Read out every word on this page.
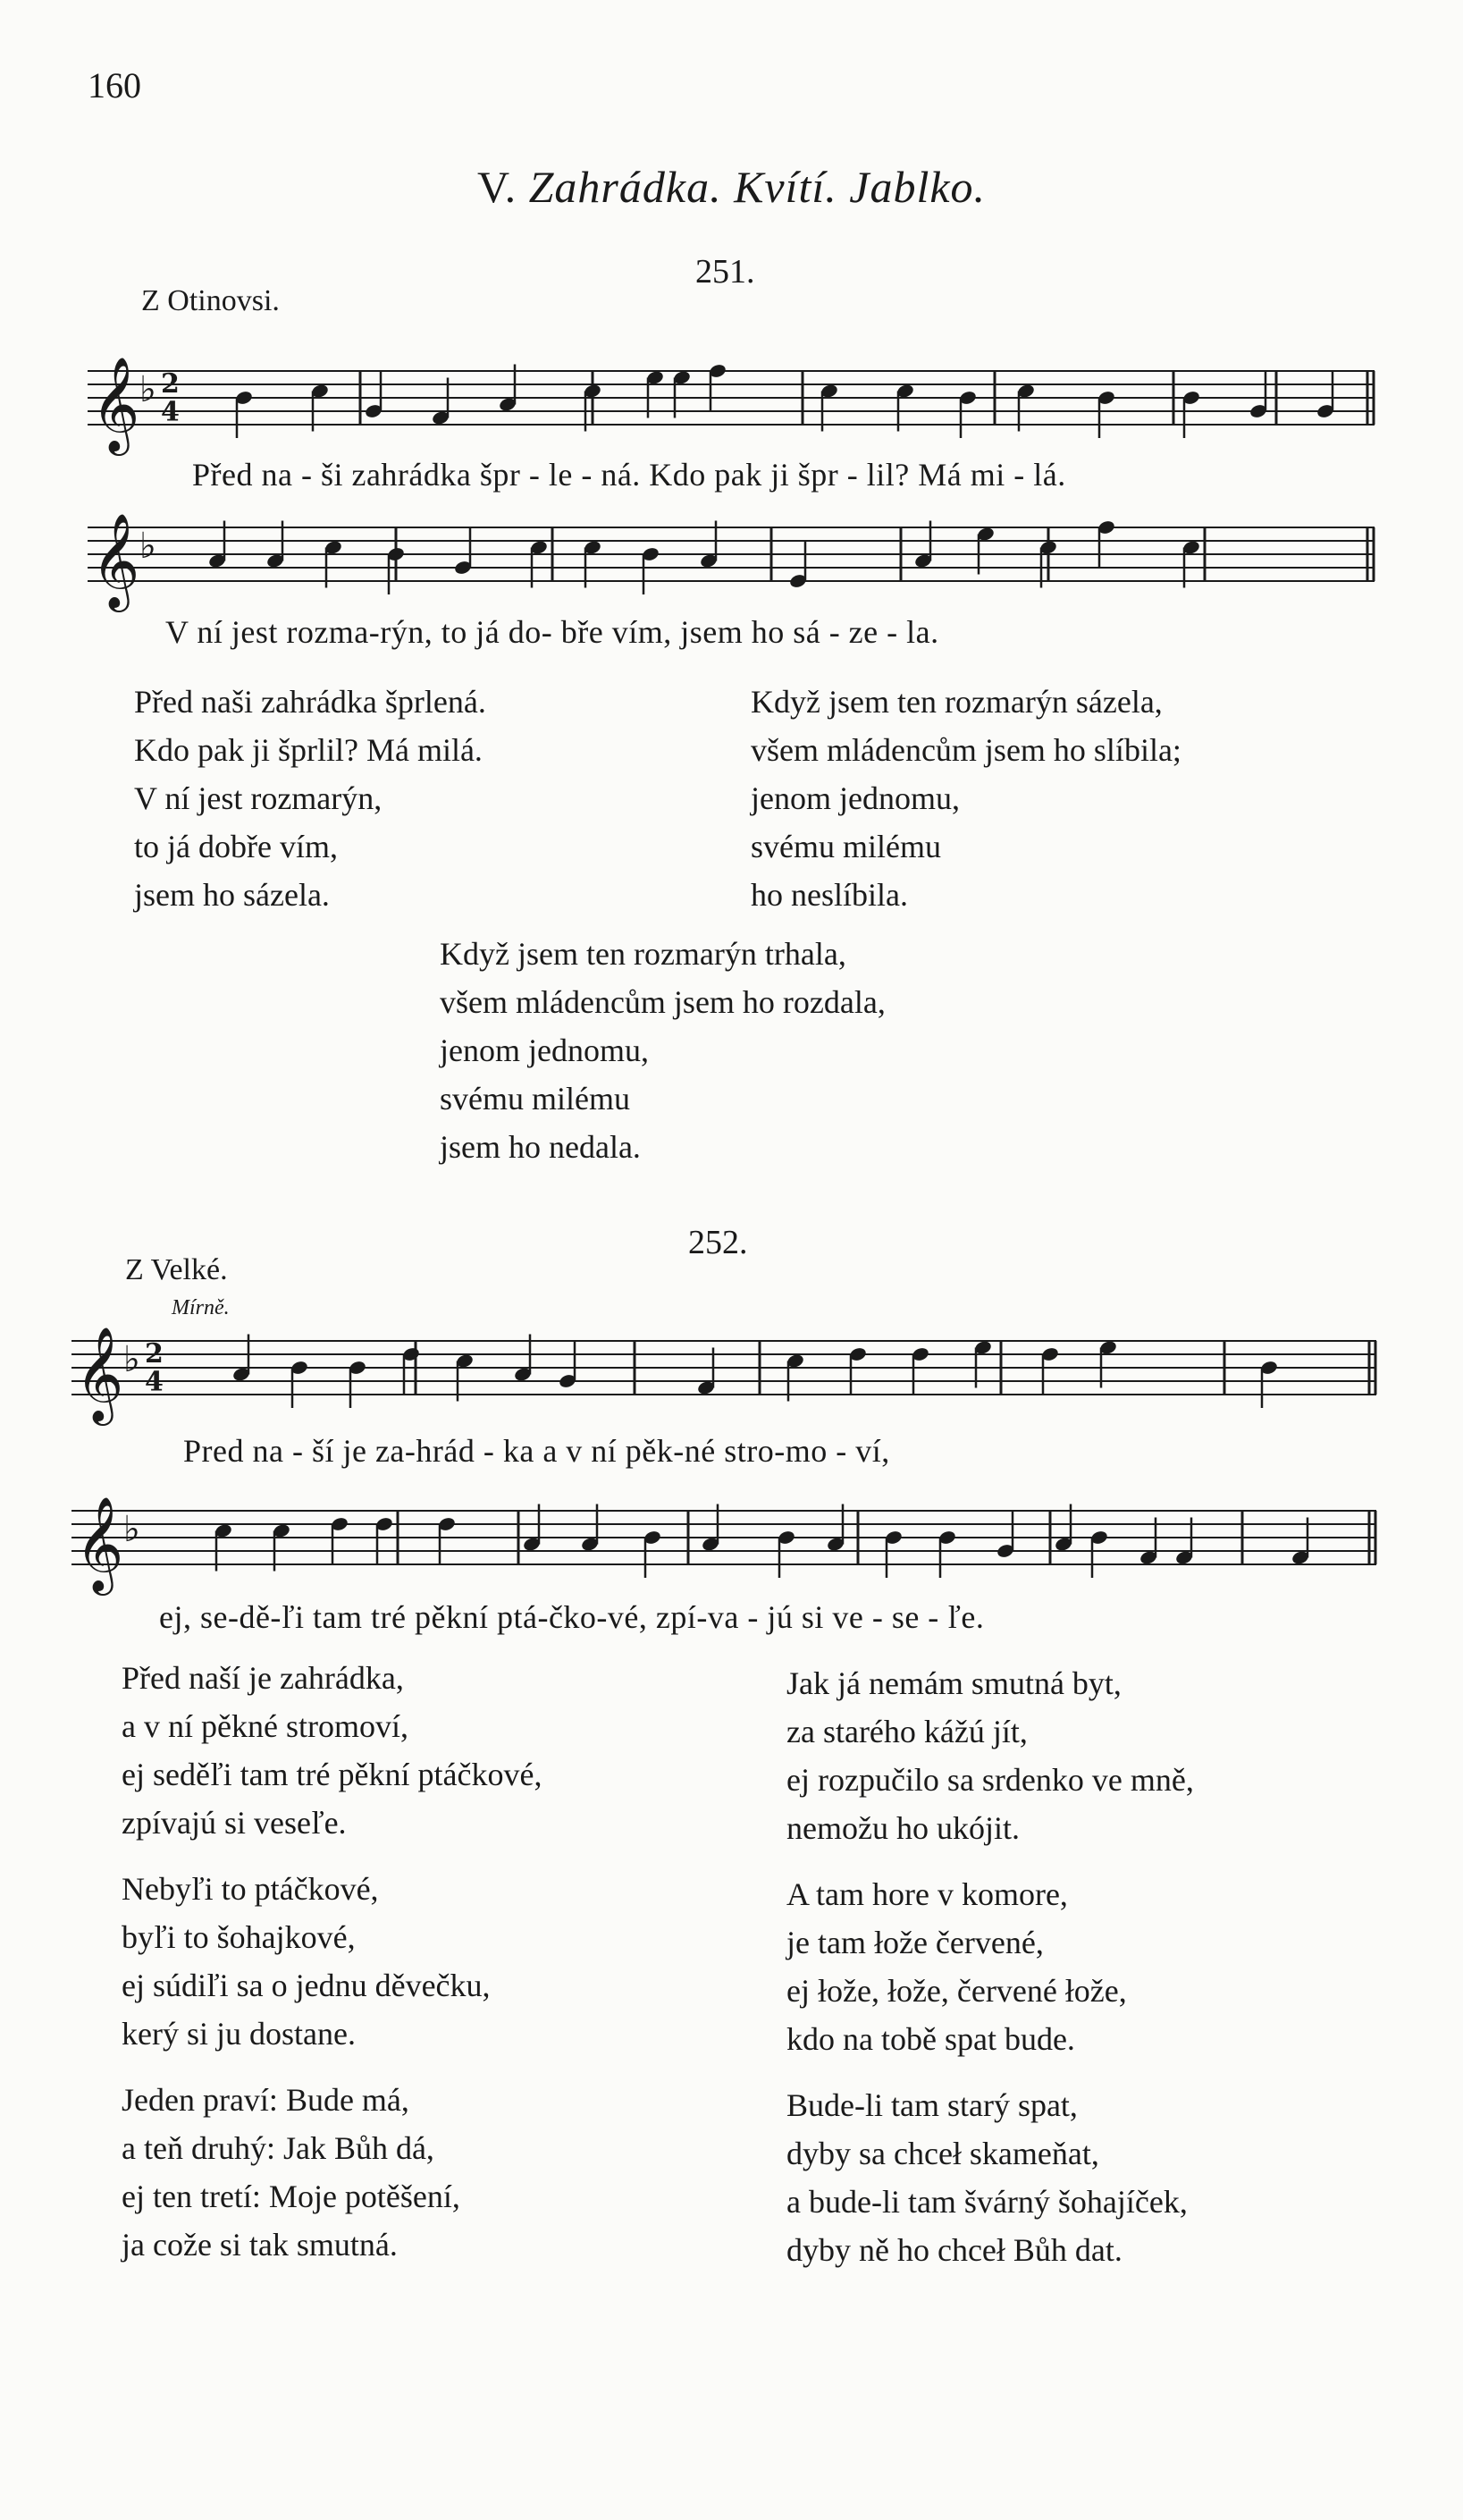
160
V. Zahrádka. Kvítí. Jablko.
251.
Z Otinovsi.
𝄞 ♭ 2
4
Před na - ši zahrádka špr - le - ná. Kdo pak ji špr - lil? Má mi - lá.
𝄞 ♭
V ní jest rozma-rýn, to já do- bře vím, jsem ho sá - ze - la.
Před naši zahrádka šprlená.
Kdo pak ji šprlil? Má milá.
V ní jest rozmarýn,
to já dobře vím,
jsem ho sázela.
Když jsem ten rozmarýn sázela,
všem mládencům jsem ho slíbila;
jenom jednomu,
svému milému
ho neslíbila.
Když jsem ten rozmarýn trhala,
všem mládencům jsem ho rozdala,
jenom jednomu,
svému milému
jsem ho nedala.
252.
Z Velké.
Mírně.
𝄞 ♭ 2
4
Pred na - ší je za-hrád - ka a v ní pěk-né stro-mo - ví,
𝄞 ♭
ej, se-dě-ľi tam tré pěkní ptá-čko-vé, zpí-va - jú si ve - se - ľe.
Před naší je zahrádka,
a v ní pěkné stromoví,
ej seděľi tam tré pěkní ptáčkové,
zpívajú si veseľe.
Nebyľi to ptáčkové,
byľi to šohajkové,
ej súdiľi sa o jednu děvečku,
kerý si ju dostane.
Jeden praví: Bude má,
a teň druhý: Jak Bůh dá,
ej ten tretí: Moje potěšení,
ja cože si tak smutná.
Jak já nemám smutná byt,
za starého kážú jít,
ej rozpučilo sa srdenko ve mně,
nemožu ho ukójit.
A tam hore v komore,
je tam łože červené,
ej łože, łože, červené łože,
kdo na tobě spat bude.
Bude-li tam starý spat,
dyby sa chceł skameňat,
a bude-li tam švárný šohajíček,
dyby ně ho chceł Bůh dat.
